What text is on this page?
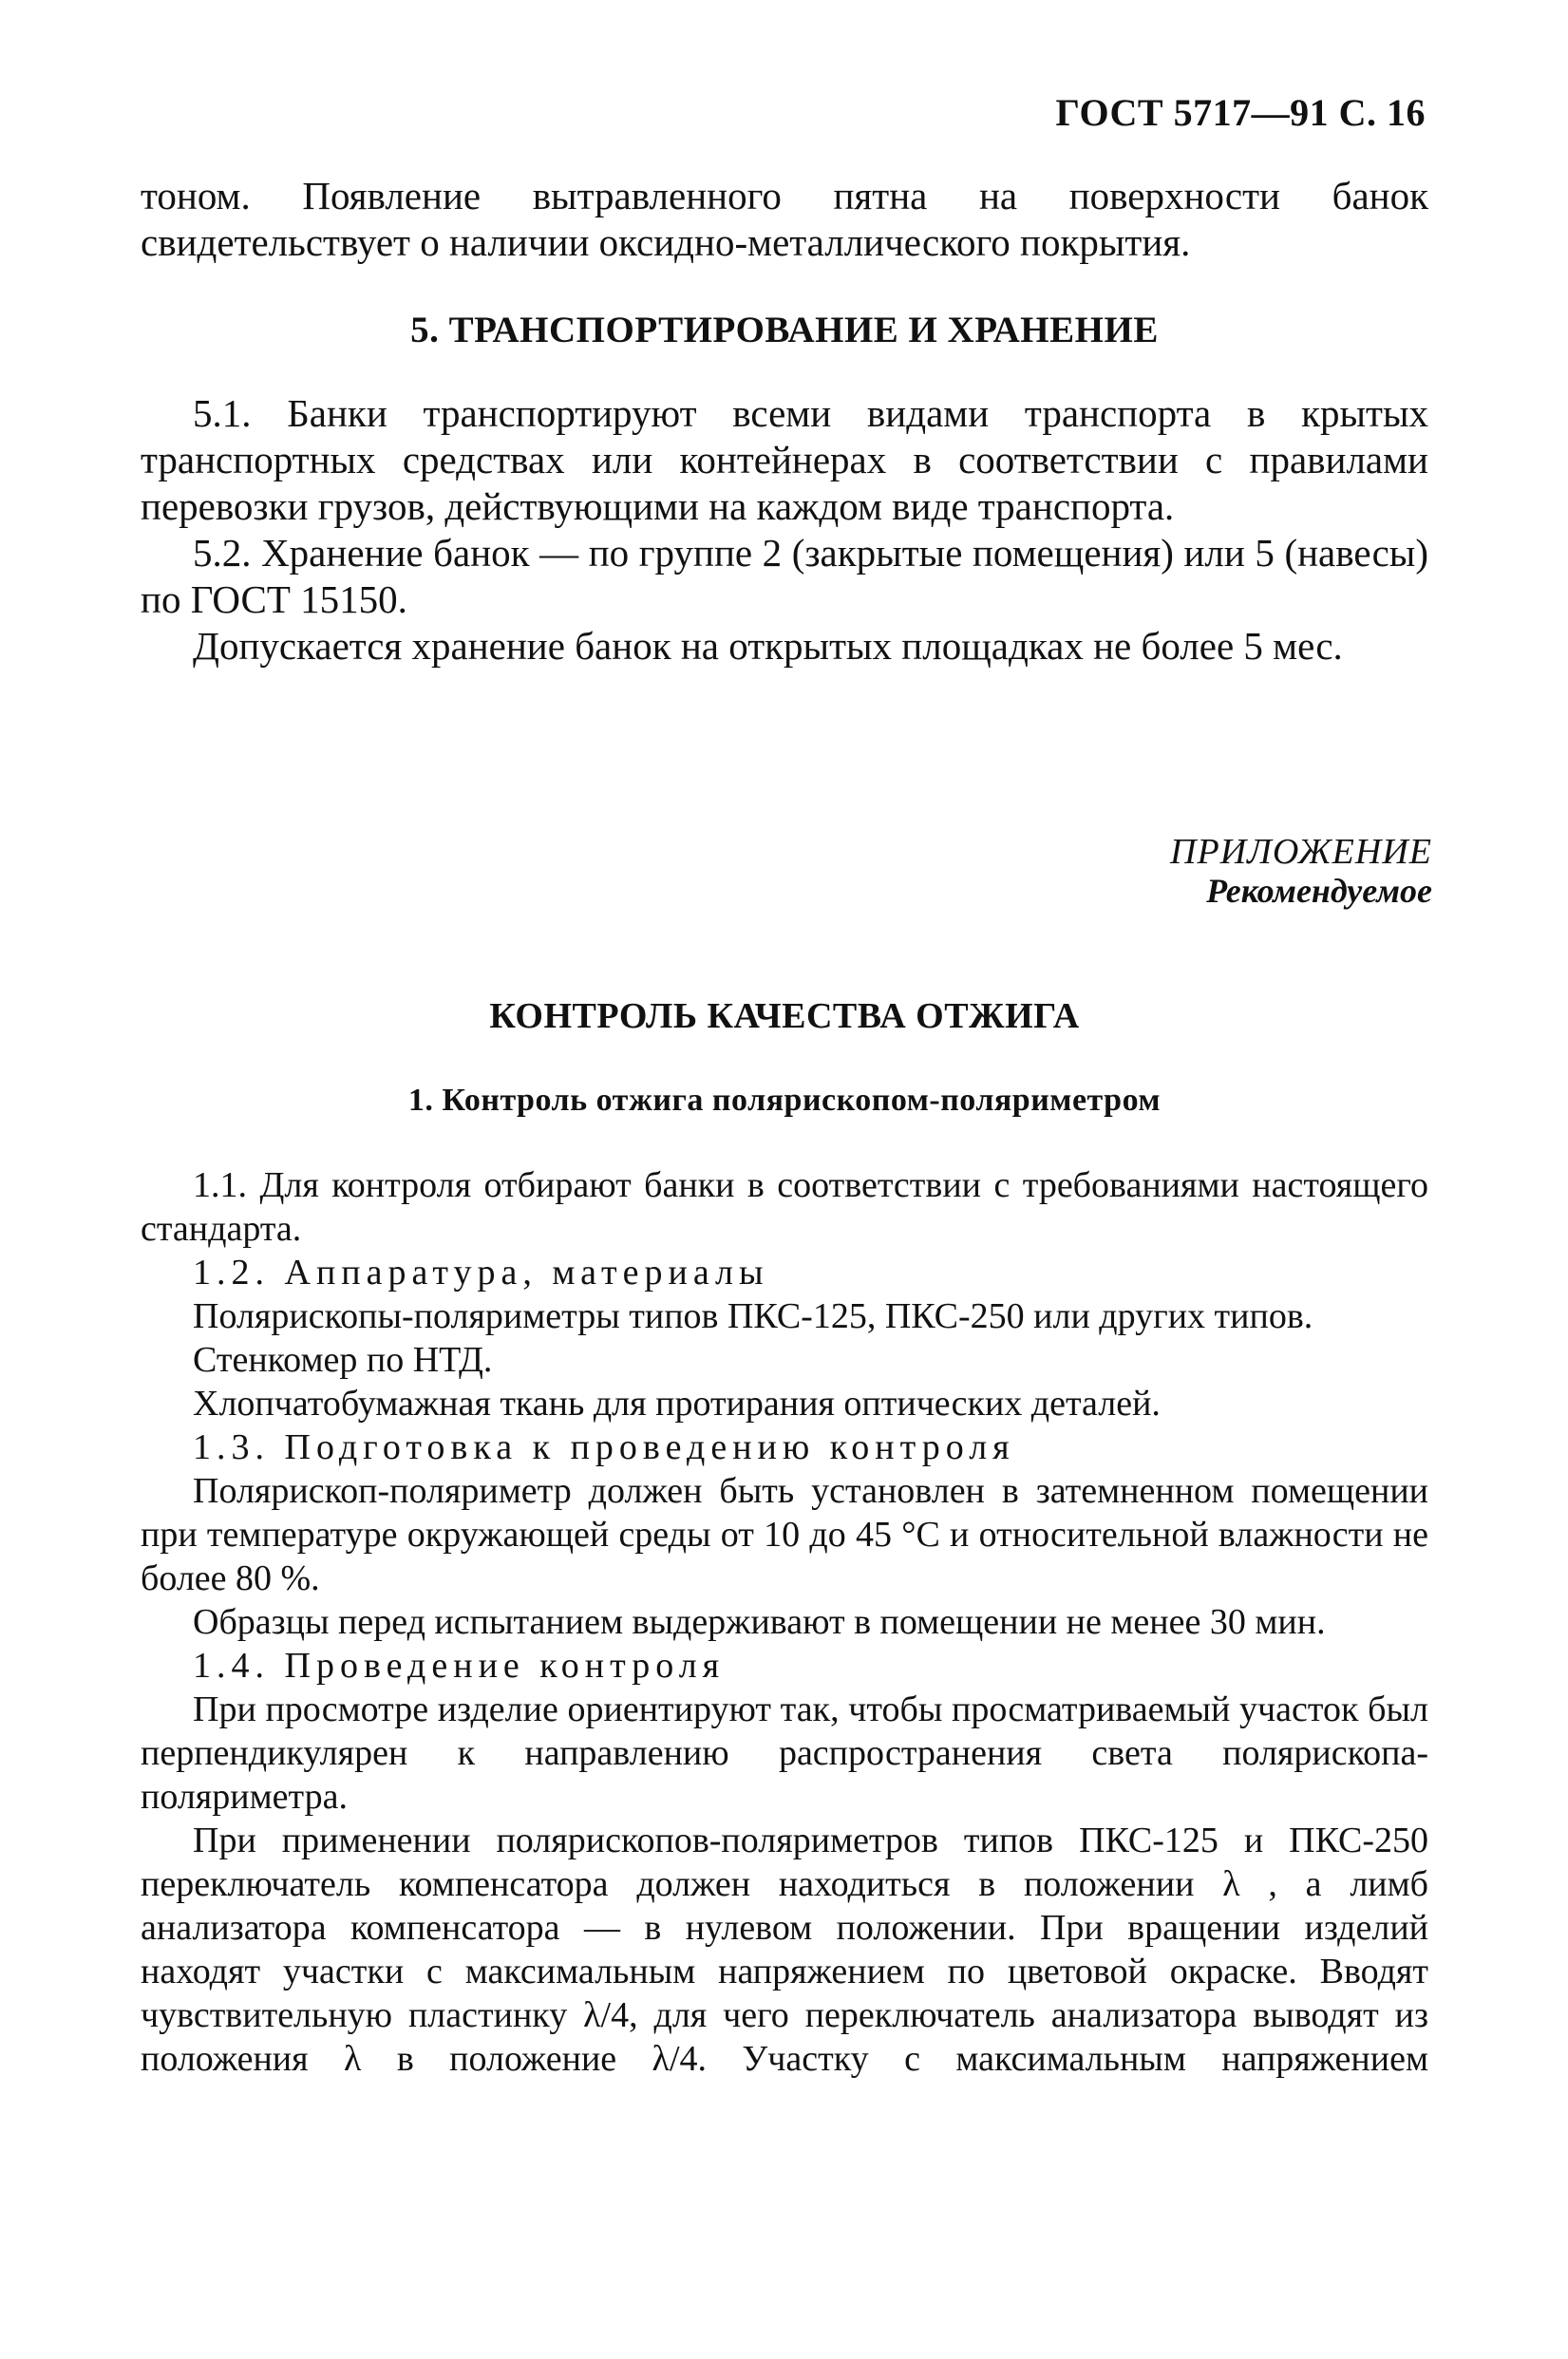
ГОСТ 5717—91 С. 16

тоном. Появление вытравленного пятна на поверхности банок свидетельствует о наличии оксидно-металлического покрытия.

5. ТРАНСПОРТИРОВАНИЕ И ХРАНЕНИЕ

5.1. Банки транспортируют всеми видами транспорта в крытых транспортных средствах или контейнерах в соответствии с правилами перевозки грузов, действующими на каждом виде транспорта.

5.2. Хранение банок — по группе 2 (закрытые помещения) или 5 (навесы) по ГОСТ 15150.

Допускается хранение банок на открытых площадках не более 5 мес.

ПРИЛОЖЕНИЕ
Рекомендуемое
КОНТРОЛЬ КАЧЕСТВА ОТЖИГА
1. Контроль отжига полярископом-поляриметром

1.1. Для контроля отбирают банки в соответствии с требованиями настоящего стандарта.

1.2. Аппаратура, материалы

Полярископы-поляриметры типов ПКС-125, ПКС-250 или других типов.

Стенкомер по НТД.

Хлопчатобумажная ткань для протирания оптических деталей.

1.3. Подготовка к проведению контроля

Полярископ-поляриметр должен быть установлен в затемненном помещении при температуре окружающей среды от 10 до 45 °С и относительной влажности не более 80 %.

Образцы перед испытанием выдерживают в помещении не менее 30 мин.

1.4. Проведение контроля

При просмотре изделие ориентируют так, чтобы просматриваемый участок был перпендикулярен к направлению распространения света полярископа-поляриметра.

При применении полярископов-поляриметров типов ПКС-125 и ПКС-250 переключатель компенсатора должен находиться в положении λ , а лимб анализатора компенсатора — в нулевом положении. При вращении изделий находят участки с максимальным напряжением по цветовой окраске. Вводят чувствительную пластинку λ/4, для чего переключатель анализатора выводят из положения λ в положение λ/4. Участку с максимальным напряжением
